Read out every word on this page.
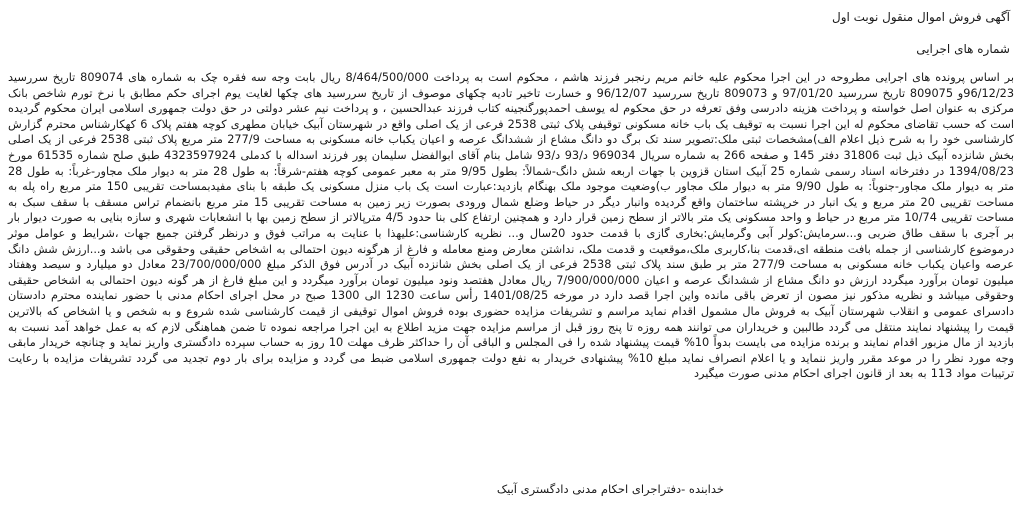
آگهی فروش اموال منقول نوبت اول
شماره های اجرایی

بر اساس پرونده های اجرایی مطروحه در این اجرا محکوم علیه خانم مریم رنجبر فرزند هاشم ، محکوم است به پرداخت 8/464/500/000 ریال بابت وجه سه فقره چک به شماره های 809074 تاریخ سررسید 96/12/23و 809075 تاریخ سررسید 97/01/20 و 809073 تاریخ سررسید 96/12/07 و خسارت تاخیر تادیه چکهای موصوف از تاریخ سررسید های چکها لغایت یوم اجرای حکم مطابق با نرخ تورم شاخص بانک مرکزی به عنوان اصل خواسته و پرداخت هزینه دادرسی وفق تعرفه در حق محکوم له یوسف احمدپورگنجینه کتاب فرزند عبدالحسین ، و پرداخت نیم عشر دولتی در حق دولت جمهوری اسلامی ایران محکوم گردیده است که حسب تقاضای محکوم له این اجرا نسبت به توقیف یک باب خانه مسکونی توقیفی پلاک ثبتی 2538 فرعی از یک اصلی واقع در شهرستان آبیک خیابان مطهری کوچه هفتم پلاک 6 کهکارشناس محترم گزارش کارشناسی خود را به شرح ذیل اعلام الف)مشخصات ثبتی ملک:تصویر سند تک برگ دو دانگ مشاع از ششدانگ عرصه و اعیان یکباب خانه مسکونی به مساحت 277/9 متر مربع پلاک ثبتی 2538 فرعی از یک اصلی بخش شانزده آبیک ذیل ثبت 31806 دفتر 145 و صفحه 266 به شماره سریال 969034 د/93 د/93 شامل بنام آقای ابوالفضل سلیمان پور فرزند اسداله با کدملی 4323597924 طبق صلح شماره 61535 مورخ 1394/08/23 در دفترخانه اسناد رسمی شماره 25 آبیک استان قزوین با جهات اربعه شش دانگ-شمالاً: بطول 9/95 متر به معبر عمومی کوچه هفتم-شرقاً: به طول 28 متر به دیوار ملک مجاور-غرباً: به طول 28 متر به دیوار ملک مجاور-جنوباً: به طول 9/90 متر به دیوار ملک مجاور ب)وضعیت موجود ملک بهنگام بازدید:عبارت است یک باب منزل مسکونی یک طبقه با بنای مفیدبمساحت تقریبی 150 متر مربع راه پله به مساحت تقریبی 20 متر مربع و یک انبار در خرپشته ساختمان واقع گردیده وانبار دیگر در حیاط وضلع شمال ورودی بصورت زیر زمین به مساحت تقریبی 15 متر مربع بانضمام تراس مسقف با سقف سبک به مساحت تقریبی 10/74 متر مربع در حیاط و واحد مسکونی یک متر بالاتر از سطح زمین قرار دارد و همچنین ارتفاع کلی بنا حدود 4/5 مترپالاتر از سطح زمین بها با انشعابات شهری و سازه بنایی به صورت دیوار بار بر آجری با سقف طاق ضربی و...سرمایش:کولر آبی وگرمایش:بخاری گازی با قدمت حدود 20سال و... نظریه کارشناسی:علیهذا با عنایت به مراتب فوق و درنظر گرفتن جمیع جهات ،شرایط و عوامل موثر درموضوع کارشناسی از جمله بافت منطقه ای،قدمت بنا،کاربری ملک،موقعیت و قدمت ملک، نداشتن معارض ومنع معامله و فارغ از هرگونه دیون احتمالی به اشخاص حقیقی وحقوقی می باشد و...ارزش شش دانگ عرصه واعیان یکباب خانه مسکونی به مساحت 277/9 متر بر طبق سند پلاک ثبتی 2538 فرعی از یک اصلی بخش شانزده آبیک در آدرس فوق الذکر مبلغ 23/700/000/000 معادل دو میلیارد و سیصد وهفتاد میلیون تومان برآورد میگردد ارزش دو دانگ مشاع از ششدانگ عرصه و اعیان 7/900/000/000 ریال معادل هفتصد ونود میلیون تومان برآورد میگردد و این مبلغ فارغ از هر گونه دیون احتمالی به اشخاص حقیقی وحقوقی میباشد و نظریه مذکور نیز مصون از تعرض باقی مانده واین اجرا قصد دارد در مورخه 1401/08/25 رأس ساعت 1230 الی 1300 صبح در محل اجرای احکام مدنی با حضور نماینده محترم دادستان دادسرای عمومی و انقلاب شهرستان آبیک به فروش مال مشمول اقدام نماید مراسم و تشریفات مزایده حضوری بوده فروش اموال توقیفی از قیمت کارشناسی شده شروع و به شخص و یا اشخاص که بالاترین قیمت را پیشنهاد نمایند منتقل می گردد طالبین و خریداران می توانند همه روزه تا پنج روز قبل از مراسم مزایده جهت مزید اطلاع به این اجرا مراجعه نموده تا ضمن هماهنگی لازم که به عمل خواهد آمد نسبت به بازدید از مال مزبور اقدام نمایند و برنده مزایده می بایست بدواً 10% قیمت پیشنهاد شده را فی المجلس و الباقی آن را حداکثر ظرف مهلت 10 روز به حساب سپرده دادگستری واریز نماید و چنانچه خریدار مابقی وجه مورد نظر را در موعد مقرر واریز ننماید و یا اعلام انصراف نماید مبلغ 10% پیشنهادی خریدار به نفع دولت جمهوری اسلامی ضبط می گردد و مزایده برای بار دوم تجدید می گردد تشریفات مزایده با رعایت ترتیبات مواد 113 به بعد از قانون اجرای احکام مدنی صورت میگیرد

خدابنده -دفتراجرای احکام مدنی دادگستری آبیک
